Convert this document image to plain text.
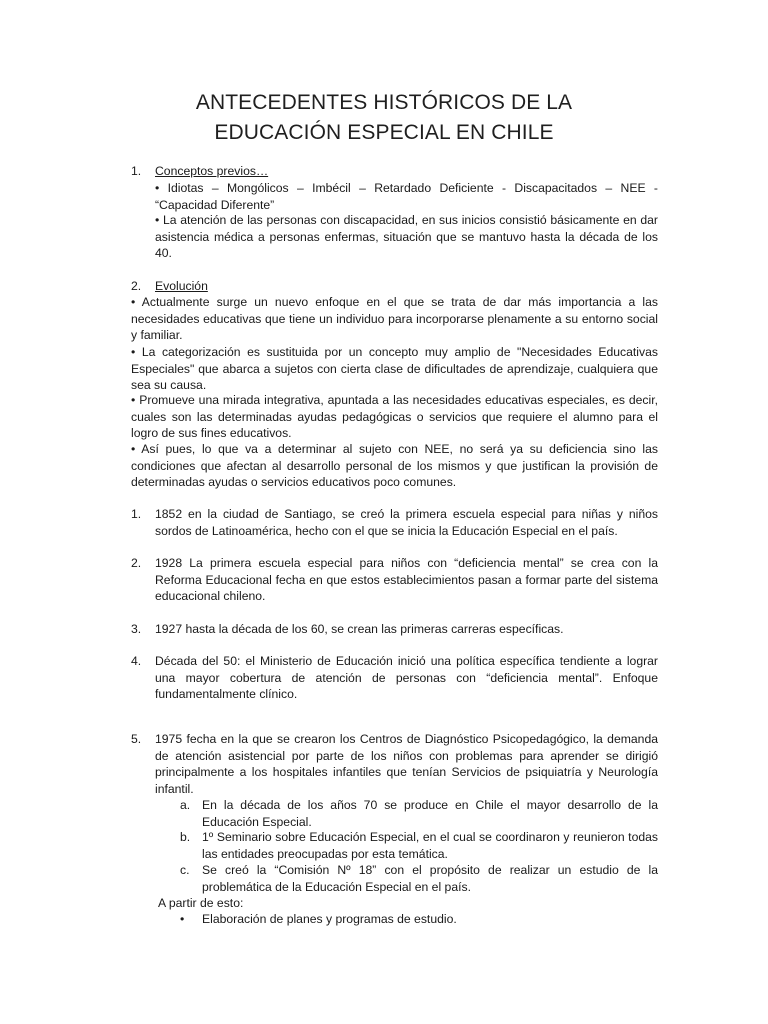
ANTECEDENTES HISTÓRICOS DE LA
EDUCACIÓN ESPECIAL EN CHILE
1.	Conceptos previos…

• Idiotas – Mongólicos – Imbécil – Retardado Deficiente - Discapacitados – NEE - “Capacidad Diferente”

• La atención de las personas con discapacidad, en sus inicios consistió básicamente en dar asistencia médica a personas enfermas, situación que se mantuvo hasta la década de los 40.

2.	Evolución

• Actualmente surge un nuevo enfoque en el que se trata de dar más importancia a las necesidades educativas que tiene un individuo para incorporarse plenamente a su entorno social y familiar.

• La categorización es sustituida por un concepto muy amplio de "Necesidades Educativas Especiales" que abarca a sujetos con cierta clase de dificultades de aprendizaje, cualquiera que sea su causa.

• Promueve una mirada integrativa, apuntada a las necesidades educativas especiales, es decir, cuales son las determinadas ayudas pedagógicas o servicios que requiere el alumno para el logro de sus fines educativos.

• Así pues, lo que va a determinar al sujeto con NEE, no será ya su deficiencia sino las condiciones que afectan al desarrollo personal de los mismos y que justifican la provisión de determinadas ayudas o servicios educativos poco comunes.

1.	1852 en la ciudad de Santiago, se creó la primera escuela especial para niñas y niños sordos de Latinoamérica, hecho con el que se inicia la Educación Especial en el país.

2.	1928 La primera escuela especial para niños con “deficiencia mental” se crea con la Reforma Educacional fecha en que estos establecimientos pasan a formar parte del sistema educacional chileno.

3.	1927 hasta la década de los 60, se crean las primeras carreras específicas.

4.	Década del 50: el Ministerio de Educación inició una política específica tendiente a lograr una mayor cobertura de atención de personas con “deficiencia mental”. Enfoque fundamentalmente clínico.

5.	1975 fecha en la que se crearon los Centros de Diagnóstico Psicopedagógico, la demanda de atención asistencial por parte de los niños con problemas para aprender se dirigió principalmente a los hospitales infantiles que tenían Servicios de psiquiatría y Neurología infantil.

a. En la década de los años 70 se produce en Chile el mayor desarrollo de la Educación Especial.

b. 1º Seminario sobre Educación Especial, en el cual se coordinaron y reunieron todas las entidades preocupadas por esta temática.

c.	Se creó la “Comisión Nº 18” con el propósito de realizar un estudio de la problemática de la Educación Especial en el país.

A partir de esto:
• Elaboración de planes y programas de estudio.
